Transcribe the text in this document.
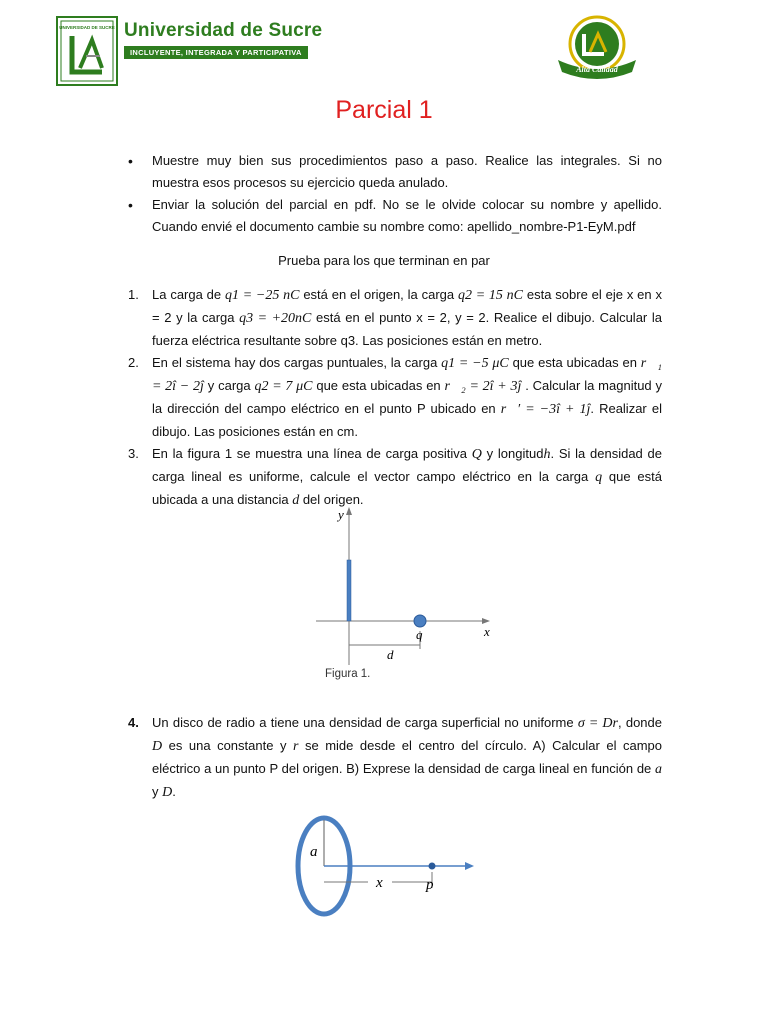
UNIVERSIDAD DE SUCRE Universidad de Sucre
INCLUYENTE, INTEGRADA Y PARTICIPATIVA
Alta Calidad
Parcial 1
•	Muestre muy bien sus procedimientos paso a paso. Realice las integrales. Si no muestra esos procesos su ejercicio queda anulado.
•	Enviar la solución del parcial en pdf. No se le olvide colocar su nombre y apellido. Cuando envié el documento cambie su nombre como: apellido_nombre-P1-EyM.pdf
Prueba para los que terminan en par
1.	La carga de q1 = −25 nC está en el origen, la carga q2 = 15 nC esta sobre el eje x en x = 2 y la carga q3 = +20nC está en el punto x = 2, y = 2. Realice el dibujo. Calcular la fuerza eléctrica resultante sobre q3. Las posiciones están en metro.
2.	En el sistema hay dos cargas puntuales, la carga q1 = −5 μC que esta ubicadas en r⃗₁ = 2î − 2ĵ y carga q2 = 7 μC que esta ubicadas en r⃗₂ = 2î + 3ĵ . Calcular la magnitud y la dirección del campo eléctrico en el punto P ubicado en r⃗′ = −3î + 1ĵ. Realizar el dibujo. Las posiciones están en cm.
3.	En la figura 1 se muestra una línea de carga positiva Q y longitudh. Si la densidad de carga lineal es uniforme, calcule el vector campo eléctrico en la carga q que está ubicada a una distancia d del origen.
y
x
q
d
Figura 1.
4.	Un disco de radio a tiene una densidad de carga superficial no uniforme σ = Dr, donde D es una constante y r se mide desde el centro del círculo. A) Calcular el campo eléctrico a un punto P del origen. B) Exprese la densidad de carga lineal en función de a y D.
a
x	p
